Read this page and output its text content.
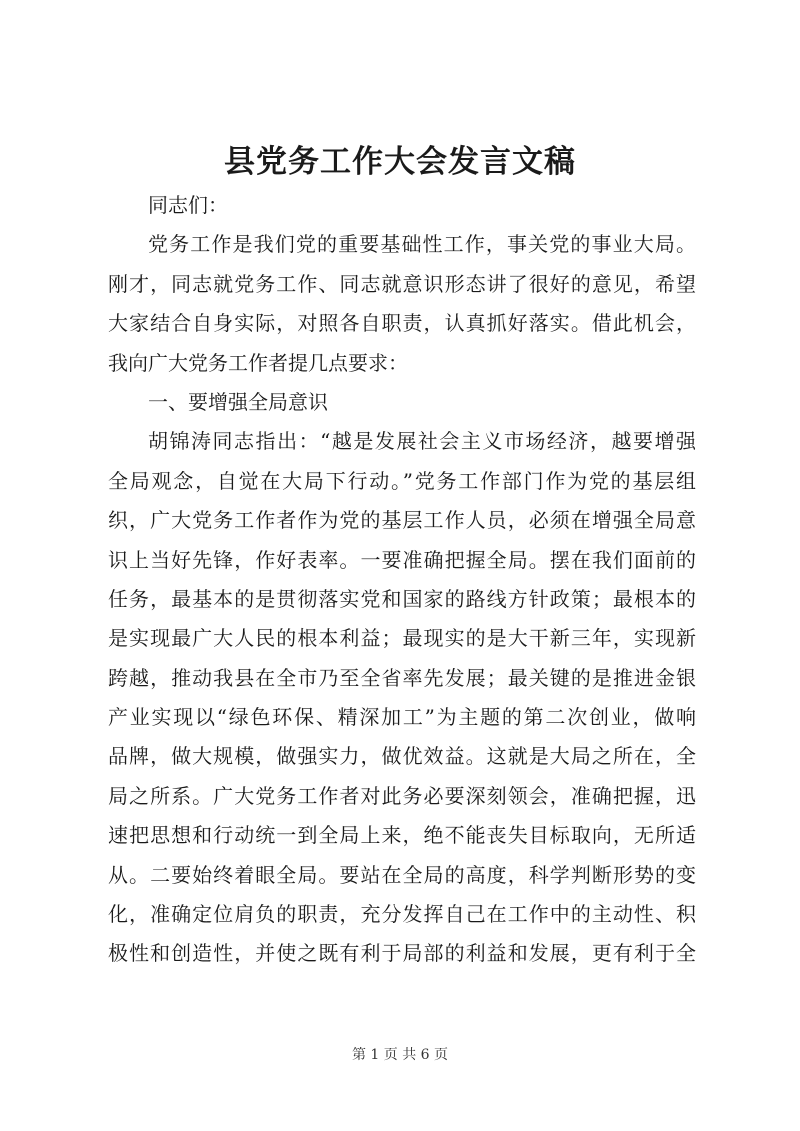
县党务工作大会发言文稿

同志们：

党务工作是我们党的重要基础性工作，事关党的事业大局。

刚才，同志就党务工作、同志就意识形态讲了很好的意见，希望

大家结合自身实际，对照各自职责，认真抓好落实。借此机会，

我向广大党务工作者提几点要求：

一、要增强全局意识

胡锦涛同志指出：“越是发展社会主义市场经济，越要增强

全局观念，自觉在大局下行动。”党务工作部门作为党的基层组

织，广大党务工作者作为党的基层工作人员，必须在增强全局意

识上当好先锋，作好表率。一要准确把握全局。摆在我们面前的

任务，最基本的是贯彻落实党和国家的路线方针政策；最根本的

是实现最广大人民的根本利益；最现实的是大干新三年，实现新

跨越，推动我县在全市乃至全省率先发展；最关键的是推进金银

产业实现以“绿色环保、精深加工”为主题的第二次创业，做响

品牌，做大规模，做强实力，做优效益。这就是大局之所在，全

局之所系。广大党务工作者对此务必要深刻领会，准确把握，迅

速把思想和行动统一到全局上来，绝不能丧失目标取向，无所适

从。二要始终着眼全局。要站在全局的高度，科学判断形势的变

化，准确定位肩负的职责，充分发挥自己在工作中的主动性、积

极性和创造性，并使之既有利于局部的利益和发展，更有利于全

第 1 页 共 6 页
